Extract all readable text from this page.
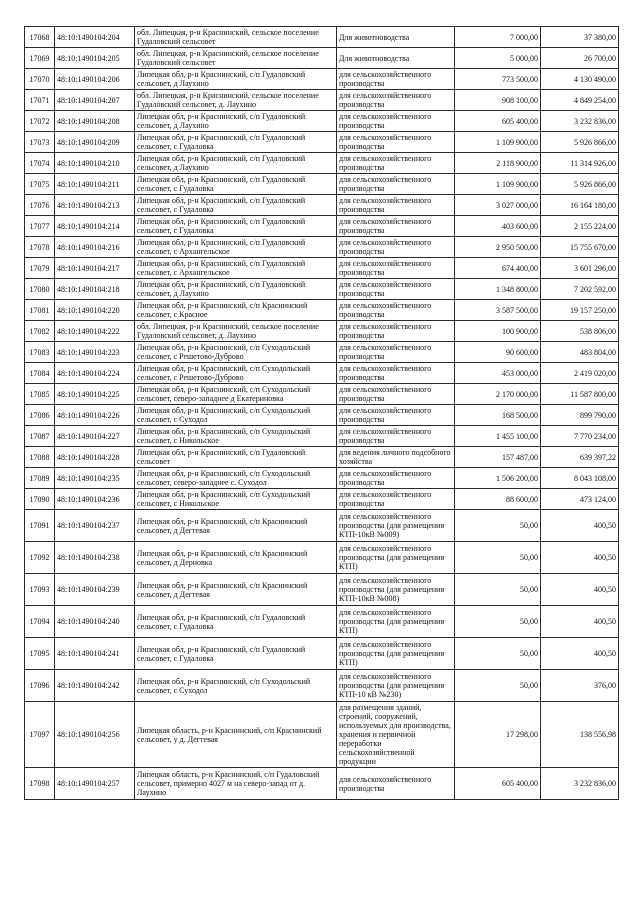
17068	48:10:1490104:204	обл. Липецкая, р-н Краснинский, сельское поселение Гудаловский сельсовет	Для животноводства	7 000,00	37 380,00
17069	48:10:1490104:205	обл. Липецкая, р-н Краснинский, сельское поселение Гудаловский сельсовет	Для животноводства	5 000,00	26 700,00
17070	48:10:1490104:206	Липецкая обл, р-н Краснинский, с/п Гудаловский сельсовет, д Лаухино	для сельскохозяйственного производства	773 500,00	4 130 490,00
17071	48:10:1490104:207	обл. Липецкая, р-н Краснинский, сельское поселение Гудаловский сельсовет, д. Лаухино	для сельскохозяйственного производства	908 100,00	4 849 254,00
17072	48:10:1490104:208	Липецкая обл, р-н Краснинский, с/п Гудаловский сельсовет, д Лаухино	для сельскохозяйственного производства	605 400,00	3 232 836,00
17073	48:10:1490104:209	Липецкая обл, р-н Краснинский, с/п Гудаловский сельсовет, с Гудаловка	для сельскохозяйственного производства	1 109 900,00	5 926 866,00
17074	48:10:1490104:210	Липецкая обл, р-н Краснинский, с/п Гудаловский сельсовет, д Лаухино	для сельскохозяйственного производства	2 118 900,00	11 314 926,00
17075	48:10:1490104:211	Липецкая обл, р-н Краснинский, с/п Гудаловский сельсовет, с Гудаловка	для сельскохозяйственного производства	1 109 900,00	5 926 866,00
17076	48:10:1490104:213	Липецкая обл, р-н Краснинский, с/п Гудаловский сельсовет, с Гудаловка	для сельскохозяйственного производства	3 027 000,00	16 164 180,00
17077	48:10:1490104:214	Липецкая обл, р-н Краснинский, с/п Гудаловский сельсовет, с Гудаловка	для сельскохозяйственного производства	403 600,00	2 155 224,00
17078	48:10:1490104:216	Липецкая обл, р-н Краснинский, с/п Гудаловский сельсовет, с Архангельское	для сельскохозяйственного производства	2 950 500,00	15 755 670,00
17079	48:10:1490104:217	Липецкая обл, р-н Краснинский, с/п Гудаловский сельсовет, с Архангельское	для сельскохозяйственного производства	674 400,00	3 601 296,00
17080	48:10:1490104:218	Липецкая обл, р-н Краснинский, с/п Гудаловский сельсовет, д Лаухино	для сельскохозяйственного производства	1 348 800,00	7 202 592,00
17081	48:10:1490104:220	Липецкая обл, р-н Краснинский, с/п Краснинский сельсовет, с Красное	для сельскохозяйственного производства	3 587 500,00	19 157 250,00
17082	48:10:1490104:222	обл. Липецкая, р-н Краснинский, сельское поселение Гудаловский сельсовет, д. Лаухино	для сельскохозяйственного производства	100 900,00	538 806,00
17083	48:10:1490104:223	Липецкая обл, р-н Краснинский, с/п Суходольский сельсовет, с Решетово-Дуброво	для сельскохозяйственного производства	90 600,00	483 804,00
17084	48:10:1490104:224	Липецкая обл, р-н Краснинский, с/п Суходольский сельсовет, с Решетово-Дуброво	для сельскохозяйственного производства	453 000,00	2 419 020,00
17085	48:10:1490104:225	Липецкая обл, р-н Краснинский, с/п Суходольский сельсовет, северо-западнее д Екатериновка	для сельскохозяйственного производства	2 170 000,00	11 587 800,00
17086	48:10:1490104:226	Липецкая обл, р-н Краснинский, с/п Суходольский сельсовет, с Суходол	для сельскохозяйственного производства	168 500,00	899 790,00
17087	48:10:1490104:227	Липецкая обл, р-н Краснинский, с/п Суходольский сельсовет, с Никольское	для сельскохозяйственного производства	1 455 100,00	7 770 234,00
17088	48:10:1490104:228	Липецкая обл, р-н Краснинский, с/п Гудаловский сельсовет	для ведения личного подсобного хозяйства	157 487,00	639 397,22
17089	48:10:1490104:235	Липецкая обл, р-н Краснинский, с/п Суходольский сельсовет, северо-западнее с. Суходол	для сельскохозяйственного производства	1 506 200,00	8 043 108,00
17090	48:10:1490104:236	Липецкая обл, р-н Краснинский, с/п Суходольский сельсовет, с Никольское	для сельскохозяйственного производства	88 600,00	473 124,00
17091	48:10:1490104:237	Липецкая обл, р-н Краснинский, с/п Краснинский сельсовет, д Дегтевая	для сельскохозяйственного производства (для размещения КТП-10кВ №009)	50,00	400,50
17092	48:10:1490104:238	Липецкая обл, р-н Краснинский, с/п Краснинский сельсовет, д Дерновка	для сельскохозяйственного производства (для размещения КТП)	50,00	400,50
17093	48:10:1490104:239	Липецкая обл, р-н Краснинский, с/п Краснинский сельсовет, д Дегтевая	для сельскохозяйственного производства (для размещения КТП-10кВ №008)	50,00	400,50
17094	48:10:1490104:240	Липецкая обл, р-н Краснинский, с/п Гудаловский сельсовет, с Гудаловка	для сельскохозяйственного производства (для размещения КТП)	50,00	400,50
17095	48:10:1490104:241	Липецкая обл, р-н Краснинский, с/п Гудаловский сельсовет, с Гудаловка	для сельскохозяйственного производства (для размещения КТП)	50,00	400,50
17096	48:10:1490104:242	Липецкая обл, р-н Краснинский, с/п Суходольский сельсовет, с Суходол	для сельскохозяйственного производства (для размещения КТП-10 кВ №230)	50,00	376,00
17097	48:10:1490104:256	Липецкая область, р-н Краснинский, с/п Краснинский сельсовет, у д. Дегтевая	для размещения зданий, строений, сооружений, используемых для производства, хранения и первичной переработки сельскохозяйственной продукции	17 298,00	138 556,98
17098	48:10:1490104:257	Липецкая область, р-н Краснинский, с/п Гудаловский сельсовет, примерно 4027 м на северо-запад от д. Лаухино	для сельскохозяйственного производства	605 400,00	3 232 836,00
